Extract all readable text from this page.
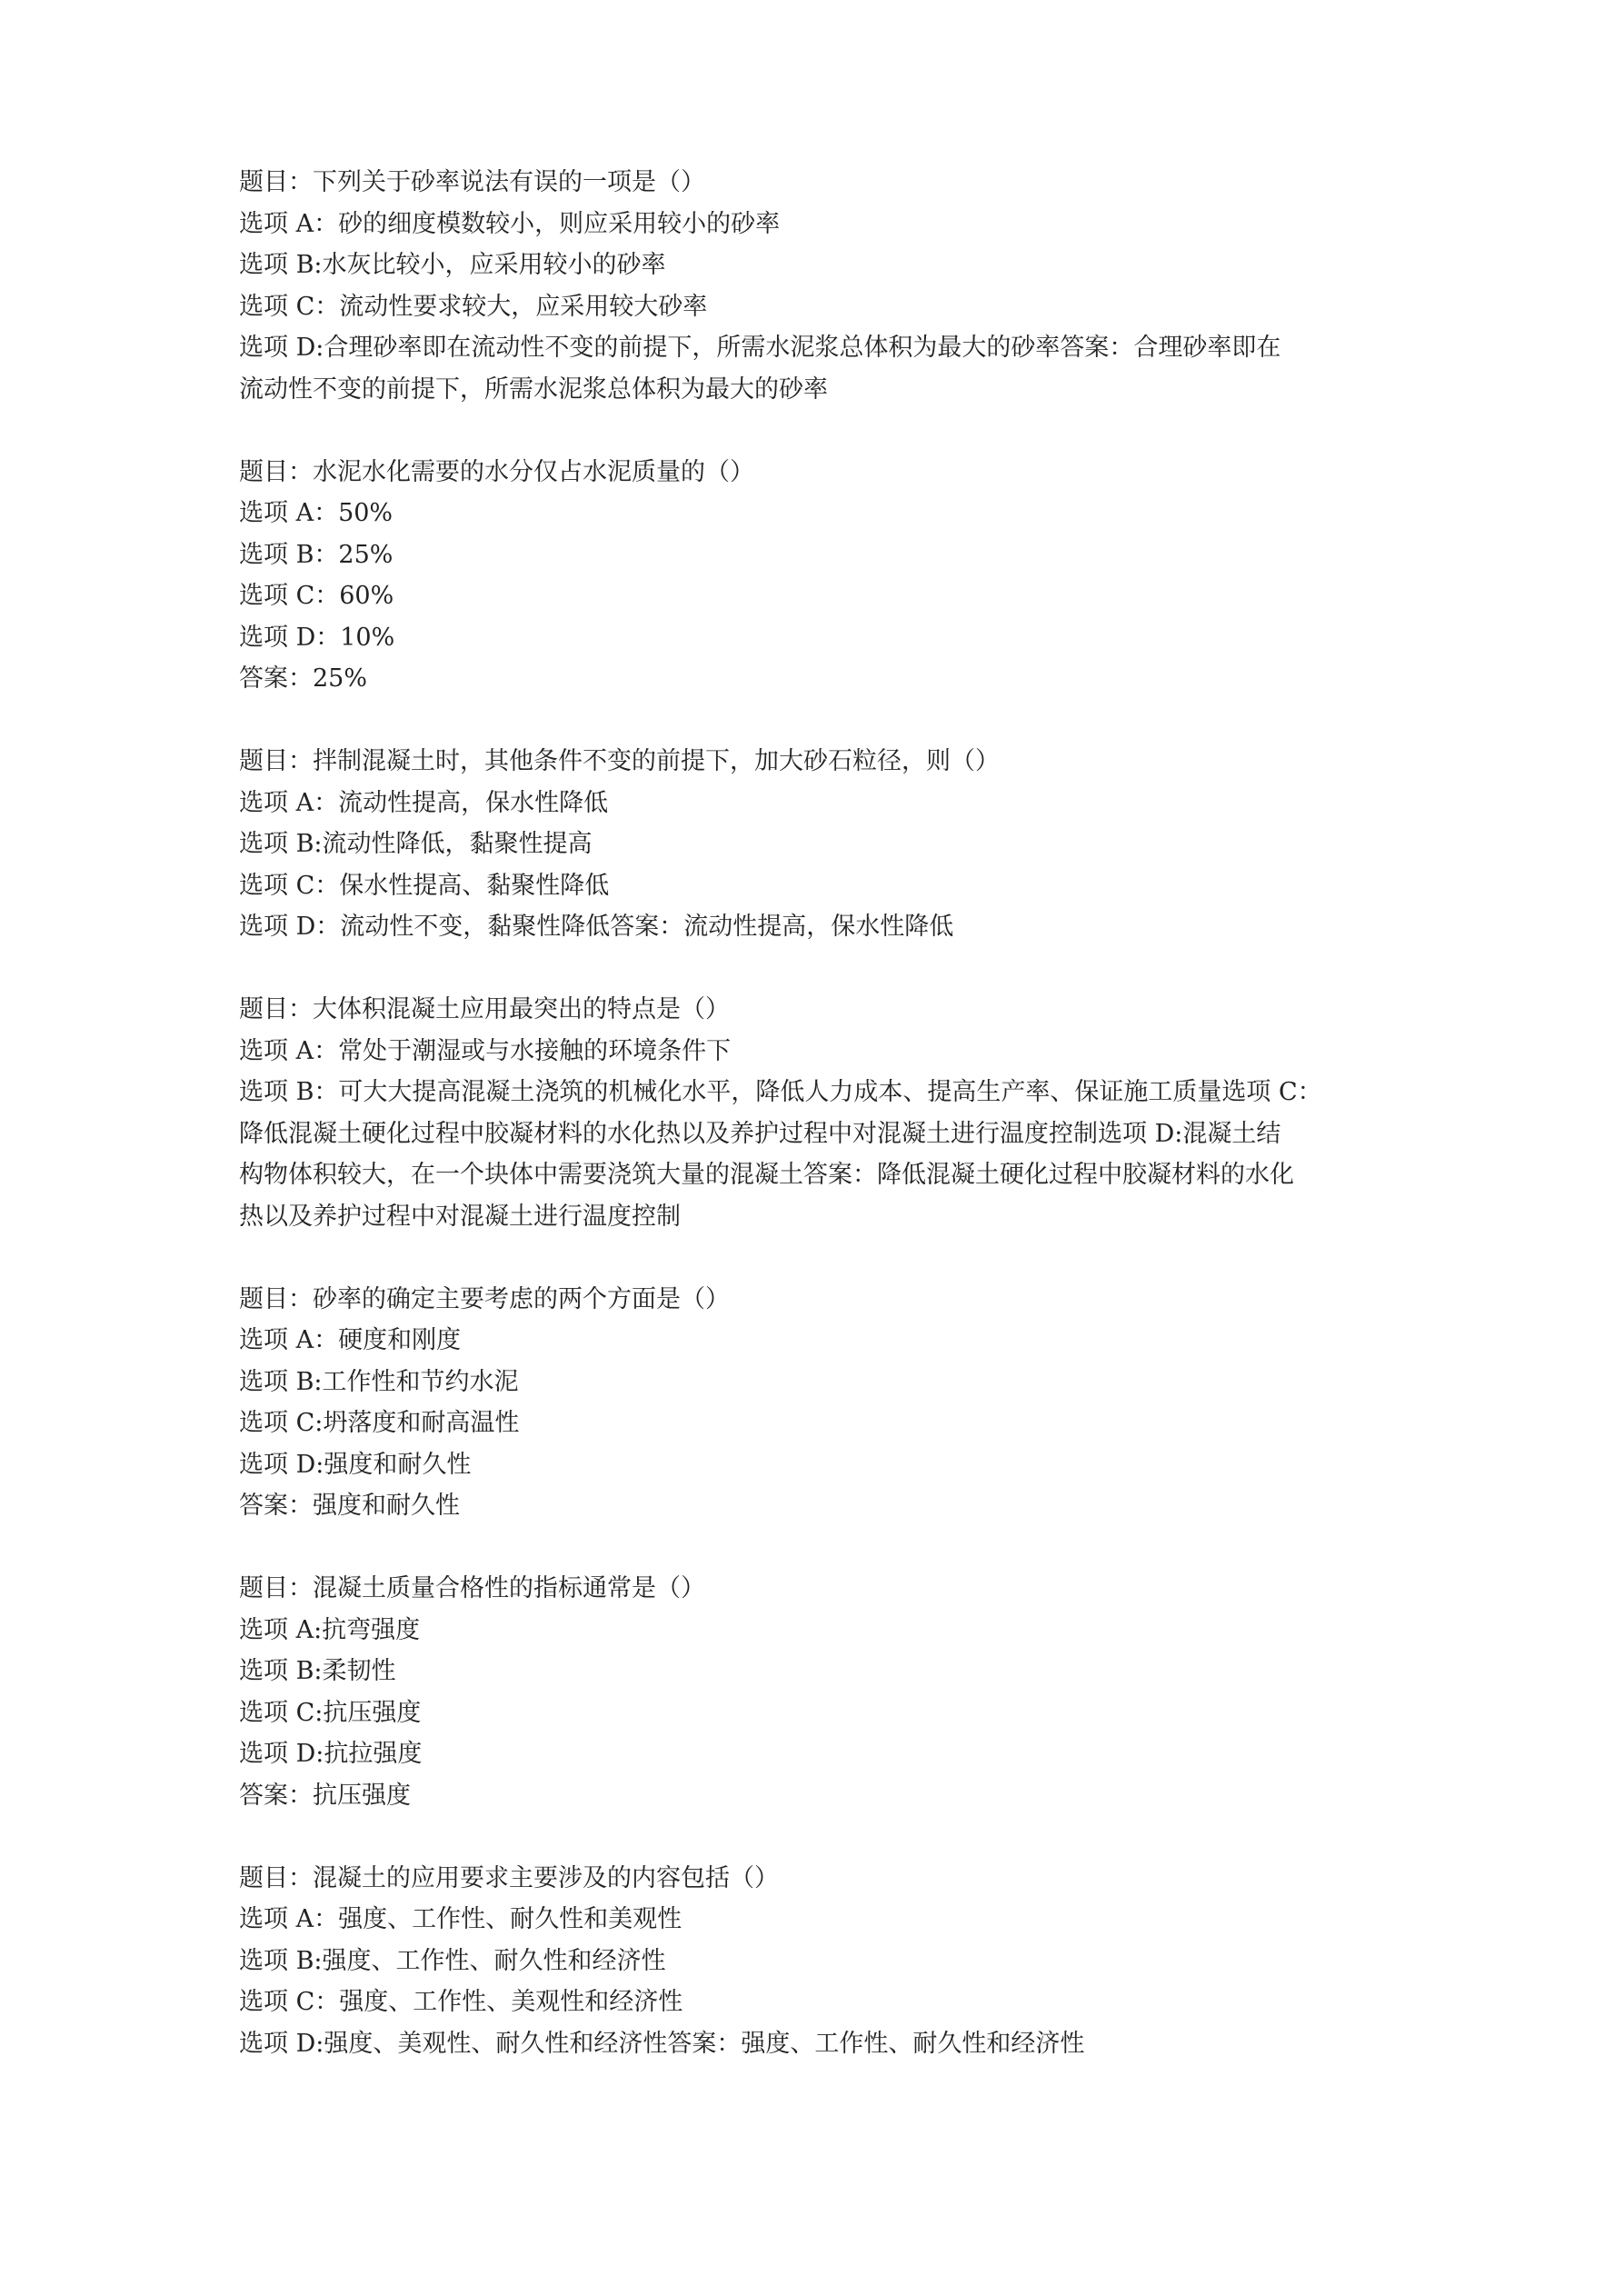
题目：下列关于砂率说法有误的一项是（）
选项 A：砂的细度模数较小，则应采用较小的砂率
选项 B:水灰比较小，应采用较小的砂率
选项 C：流动性要求较大，应采用较大砂率
选项 D:合理砂率即在流动性不变的前提下，所需水泥浆总体积为最大的砂率答案：合理砂率即在
流动性不变的前提下，所需水泥浆总体积为最大的砂率
题目：水泥水化需要的水分仅占水泥质量的（）
选项 A：50%
选项 B：25%
选项 C：60%
选项 D：10%
答案：25%
题目：拌制混凝土时，其他条件不变的前提下，加大砂石粒径，则（）
选项 A：流动性提高，保水性降低
选项 B:流动性降低，黏聚性提高
选项 C：保水性提高、黏聚性降低
选项 D：流动性不变，黏聚性降低答案：流动性提高，保水性降低
题目：大体积混凝土应用最突出的特点是（）
选项 A：常处于潮湿或与水接触的环境条件下
选项 B：可大大提高混凝土浇筑的机械化水平，降低人力成本、提高生产率、保证施工质量选项 C：
降低混凝土硬化过程中胶凝材料的水化热以及养护过程中对混凝土进行温度控制选项 D:混凝土结
构物体积较大，在一个块体中需要浇筑大量的混凝土答案：降低混凝土硬化过程中胶凝材料的水化
热以及养护过程中对混凝土进行温度控制
题目：砂率的确定主要考虑的两个方面是（）
选项 A：硬度和刚度
选项 B:工作性和节约水泥
选项 C:坍落度和耐高温性
选项 D:强度和耐久性
答案：强度和耐久性
题目：混凝土质量合格性的指标通常是（）
选项 A:抗弯强度
选项 B:柔韧性
选项 C:抗压强度
选项 D:抗拉强度
答案：抗压强度
题目：混凝土的应用要求主要涉及的内容包括（）
选项 A：强度、工作性、耐久性和美观性
选项 B:强度、工作性、耐久性和经济性
选项 C：强度、工作性、美观性和经济性
选项 D:强度、美观性、耐久性和经济性答案：强度、工作性、耐久性和经济性
